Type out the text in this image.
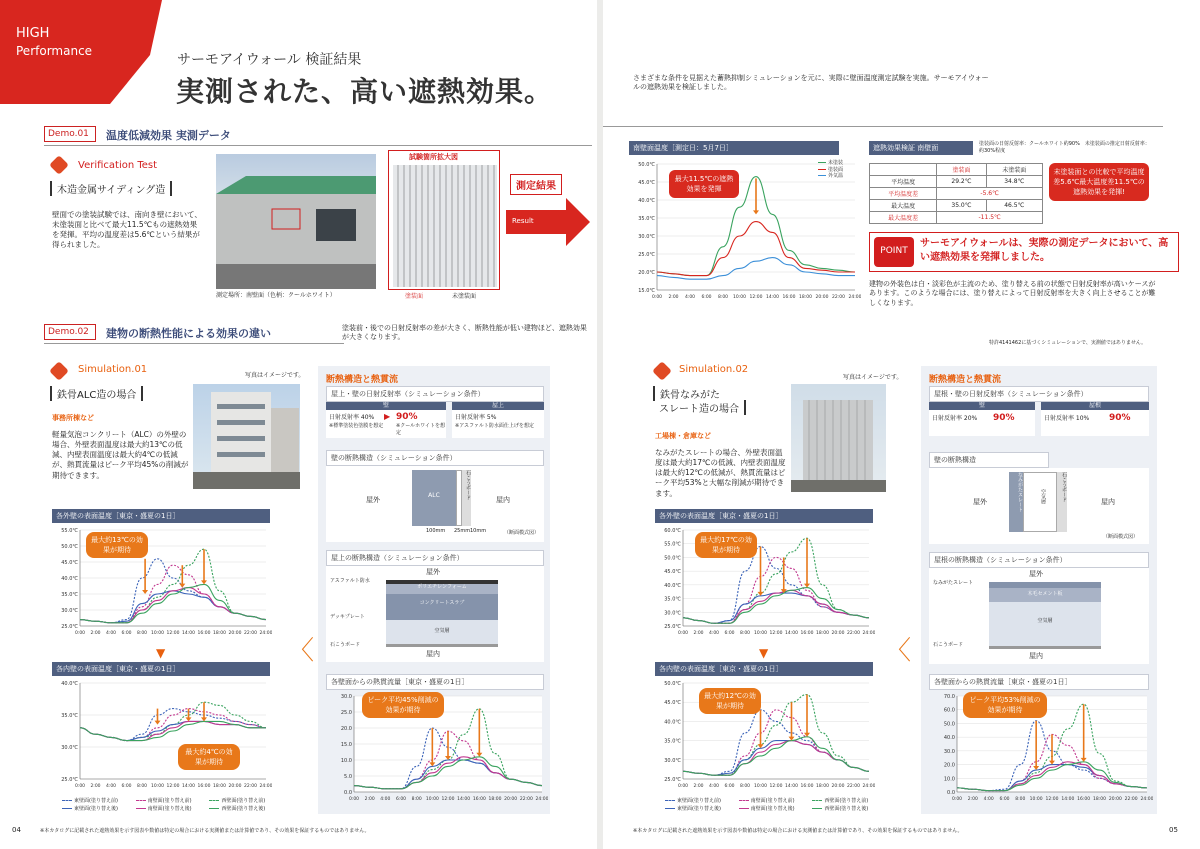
HIGH
Performance
サーモアイウォール 検証結果
実測された、高い遮熱効果。
Demo.01	温度低減効果 実測データ
Verification Test
木造金属サイディング造
壁面での塗装試験では、南向き壁において、未塗装面と比べて最大11.5℃もの遮熱効果を発揮。平均の温度差は5.6℃という結果が得られました。
測定場所：南壁面（色柄：クールホワイト）
試験箇所拡大図
塗装面	未塗装面
測定結果
Result
Demo.02	建物の断熱性能による効果の違い	塗装前・後での日射反射率の差が大きく、断熱性能が低い建物ほど、遮熱効果が大きくなります。
Simulation.01
鉄骨ALC造の場合
写真はイメージです。
事務所棟など
軽量気泡コンクリート（ALC）の外壁の場合、外壁表面温度は最大約13℃の低減、内壁表面温度は最大約4℃の低減が、熱貫流量はピーク平均45%の削減が期待できます。
各外壁の表面温度［東京・盛夏の1日］
25.0℃
30.0℃
35.0℃
40.0℃
45.0℃
50.0℃
55.0℃
0:00 2:00 4:00 6:00 8:00 10:00 12:00 14:00 16:00 18:00 20:00 22:00 24:00
最大約13℃の効果が期待
▼
各内壁の表面温度［東京・盛夏の1日］
25.0℃
30.0℃
35.0℃
40.0℃
0:00 2:00 4:00 6:00 8:00 10:00 12:00 14:00 16:00 18:00 20:00 22:00 24:00
最大約4℃の効果が期待
東壁面(塗り替え前)	南壁面(塗り替え前)	西壁面(塗り替え前)
東壁面(塗り替え後)	南壁面(塗り替え後)	西壁面(塗り替え後)
〈
断熱構造と熱貫流
屋上・壁の日射反射率（シミュレーション条件）
壁
日射反射率 40%
※標準塗装色塗膜を想定
▶ 90%
※クールホワイトを想定
屋上
日射反射率 5%
※アスファルト防水面仕上げを想定
壁の断熱構造（シミュレーション条件）
屋外
ALC	石こうボード	屋内
100mm 25mm 10mm	（断面模式図）
屋上の断熱構造（シミュレーション条件）
屋外
ポリエチレンフォーム
コンクリートスラブ
空気層
アスファルト防水
デッキプレート
石こうボード
屋内
各壁面からの熱貫流量［東京・盛夏の1日］
0.0
5.0
10.0
15.0
20.0
25.0
30.0
0:00 2:00 4:00 6:00 8:00 10:00 12:00 14:00 16:00 18:00 20:00 22:00 24:00
ピーク平均45%削減の効果が期待
※本カタログに記載された遮熱効果を示す図表や数値は特定の場合における実測値または計算値であり、その効果を保証するものではありません。
04
さまざまな条件を見据えた蓄熱抑制シミュレーションを元に、実際に壁面温度測定試験を実施。サーモアイウォールの遮熱効果を検証しました。
南壁面温度［測定日：5月7日］
15.0℃
20.0℃
25.0℃
30.0℃
35.0℃
40.0℃
45.0℃
50.0℃
0:00 2:00 4:00 6:00 8:00 10:00 12:00 14:00 16:00 18:00 20:00 22:00 24:00
最大11.5℃の遮熱効果を発揮
未塗装
塗装面
外気温
遮熱効果検証 南壁面	塗装面の日射反射率：クールホワイト約90%　未塗装面の推定日射反射率：約30%程度
	塗装面	未塗装面
平均温度	29.2℃	34.8℃
平均温度差	-5.6℃	
最大温度	35.0℃	46.5℃
最大温度差	-11.5℃	
未塗装面との比較で平均温度差5.6℃最大温度差11.5℃の遮熱効果を発揮!
POINT
サーモアイウォールは、実際の測定データにおいて、高い遮熱効果を発揮しました。
建物の外装色は白・淡彩色が主流のため、塗り替える前の状態で日射反射率が高いケースがあります。このような場合には、塗り替えによって日射反射率を大きく向上させることが難しくなります。
特許4141462に基づくシミュレーションで、実測値ではありません。
Simulation.02
鉄骨なみがた
スレート造の場合
写真はイメージです。
工場棟・倉庫など
なみがたスレートの場合、外壁表面温度は最大約17℃の低減、内壁表面温度は最大約12℃の低減が、熱貫流量はピーク平均53%と大幅な削減が期待できます。
各外壁の表面温度［東京・盛夏の1日］
25.0℃
30.0℃
35.0℃
40.0℃
45.0℃
50.0℃
55.0℃
60.0℃
0:00 2:00 4:00 6:00 8:00 10:00 12:00 14:00 16:00 18:00 20:00 22:00 24:00
最大約17℃の効果が期待
▼
各内壁の表面温度［東京・盛夏の1日］
25.0℃
30.0℃
35.0℃
40.0℃
45.0℃
50.0℃
0:00 2:00 4:00 6:00 8:00 10:00 12:00 14:00 16:00 18:00 20:00 22:00 24:00
最大約12℃の効果が期待
東壁面(塗り替え前)	南壁面(塗り替え前)	西壁面(塗り替え前)
東壁面(塗り替え後)	南壁面(塗り替え後)	西壁面(塗り替え後)
〈
断熱構造と熱貫流
屋根・壁の日射反射率（シミュレーション条件）
壁
日射反射率 20% 90%
屋根
日射反射率 10% 90%
壁の断熱構造
屋外	なみがたスレート	空気層	石こうボード	屋内
（断面模式図）
屋根の断熱構造（シミュレーション条件）
屋外
木毛セメント板
空気層
なみがたスレート
石こうボード
屋内
各壁面からの熱貫流量［東京・盛夏の1日］
0.0
10.0
20.0
30.0
40.0
50.0
60.0
70.0
0:00 2:00 4:00 6:00 8:00 10:00 12:00 14:00 16:00 18:00 20:00 22:00 24:00
ピーク平均53%削減の効果が期待
※本カタログに記載された遮熱効果を示す図表や数値は特定の場合における実測値または計算値であり、その効果を保証するものではありません。	05
